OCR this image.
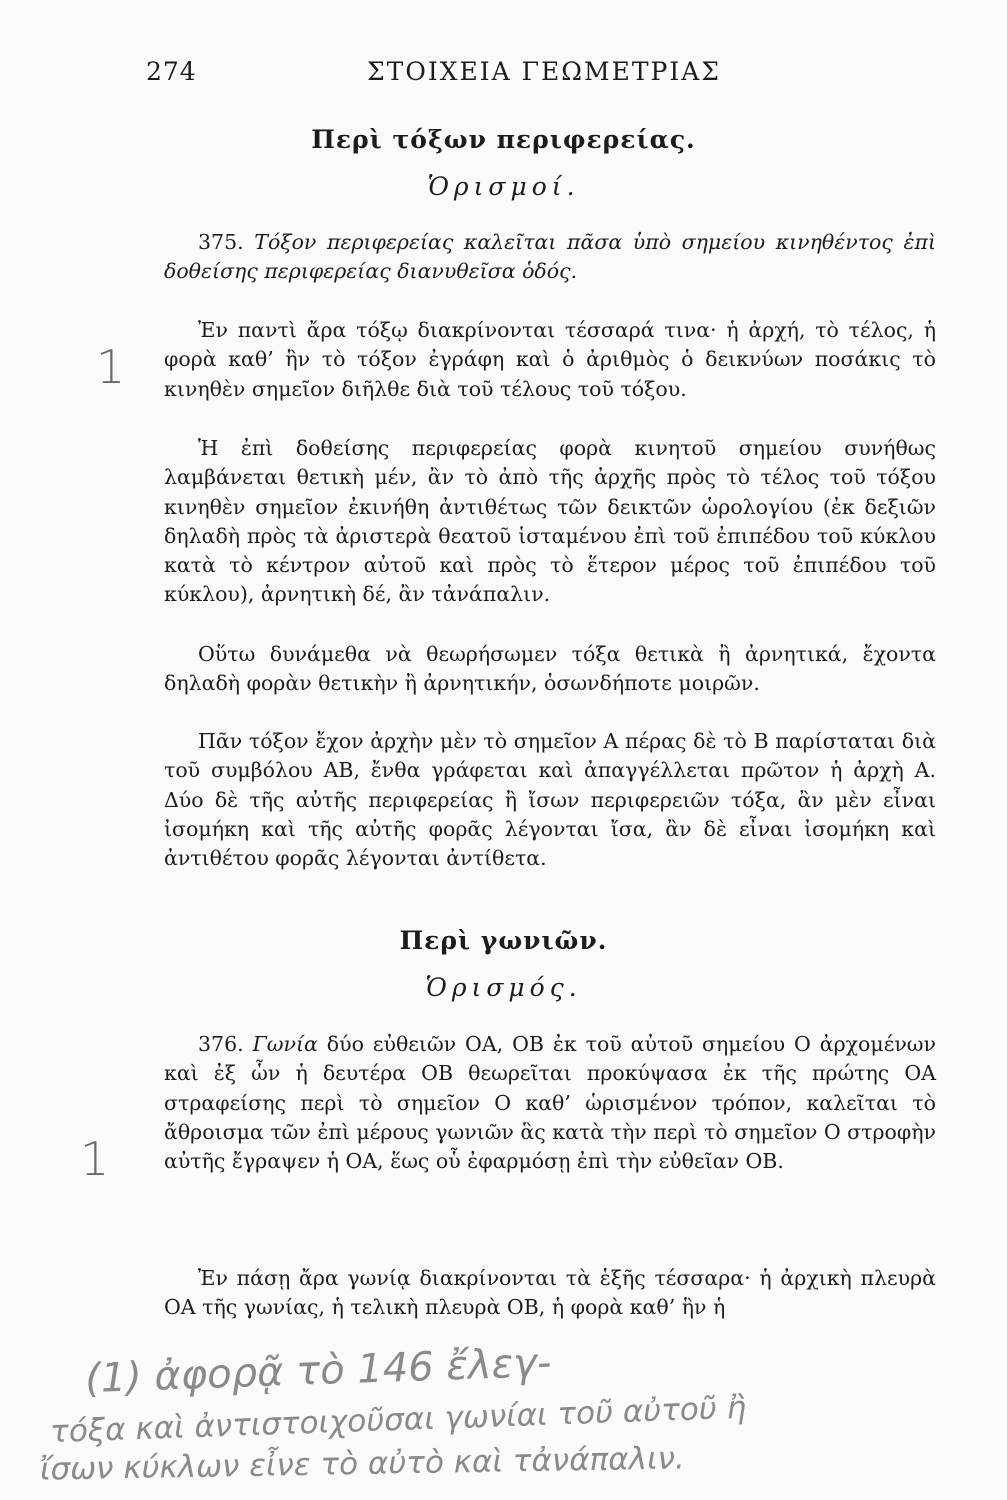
274	ΣΤΟΙΧΕΙΑ ΓΕΩΜΕΤΡΙΑΣ
Περὶ τόξων περιφερείας.
Ὁρισμοί.

375. Τόξον περιφερείας καλεῖται πᾶσα ὑπὸ σημείου κινηθέντος ἐπὶ δοθείσης περιφερείας διανυθεῖσα ὁδός.

Ἐν παντὶ ἄρα τόξῳ διακρίνονται τέσσαρά τινα· ἡ ἀρχή, τὸ τέλος, ἡ φορὰ καθ’ ἣν τὸ τόξον ἐγράφη καὶ ὁ ἀριθμὸς ὁ δεικνύων ποσάκις τὸ κινηθὲν σημεῖον διῆλθε διὰ τοῦ τέλους τοῦ τόξου.

Ἡ ἐπὶ δοθείσης περιφερείας φορὰ κινητοῦ σημείου συνήθως λαμβάνεται θετικὴ μέν, ἂν τὸ ἀπὸ τῆς ἀρχῆς πρὸς τὸ τέλος τοῦ τόξου κινηθὲν σημεῖον ἐκινήθη ἀντιθέτως τῶν δεικτῶν ὡρολογίου (ἐκ δεξιῶν δηλαδὴ πρὸς τὰ ἀριστερὰ θεατοῦ ἱσταμένου ἐπὶ τοῦ ἐπιπέδου τοῦ κύκλου κατὰ τὸ κέντρον αὐτοῦ καὶ πρὸς τὸ ἕτερον μέρος τοῦ ἐπιπέδου τοῦ κύκλου), ἀρνητικὴ δέ, ἂν τἀνάπαλιν.

Οὕτω δυνάμεθα νὰ θεωρήσωμεν τόξα θετικὰ ἢ ἀρνητικά, ἔχοντα δηλαδὴ φορὰν θετικὴν ἢ ἀρνητικήν, ὁσωνδήποτε μοιρῶν.

Πᾶν τόξον ἔχον ἀρχὴν μὲν τὸ σημεῖον Α πέρας δὲ τὸ Β παρίσταται διὰ τοῦ συμβόλου ΑΒ, ἔνθα γράφεται καὶ ἀπαγγέλλεται πρῶτον ἡ ἀρχὴ Α. Δύο δὲ τῆς αὐτῆς περιφερείας ἢ ἴσων περιφερειῶν τόξα, ἂν μὲν εἶναι ἰσομήκη καὶ τῆς αὐτῆς φορᾶς λέγονται ἴσα, ἂν δὲ εἶναι ἰσομήκη καὶ ἀντιθέτου φορᾶς λέγονται ἀντίθετα.

Περὶ γωνιῶν.
Ὁρισμός.

376. Γωνία δύο εὐθειῶν ΟΑ, ΟΒ ἐκ τοῦ αὐτοῦ σημείου Ο ἀρχομένων καὶ ἐξ ὧν ἡ δευτέρα ΟΒ θεωρεῖται προκύψασα ἐκ τῆς πρώτης ΟΑ στραφείσης περὶ τὸ σημεῖον Ο καθ’ ὡρισμένον τρόπον, καλεῖται τὸ ἄθροισμα τῶν ἐπὶ μέρους γωνιῶν ἃς κατὰ τὴν περὶ τὸ σημεῖον Ο στροφὴν αὐτῆς ἔγραψεν ἡ ΟΑ, ἕως οὗ ἐφαρμόσῃ ἐπὶ τὴν εὐθεῖαν ΟΒ.

Ἐν πάσῃ ἄρα γωνίᾳ διακρίνονται τὰ ἑξῆς τέσσαρα· ἡ ἀρχικὴ πλευρὰ ΟΑ τῆς γωνίας, ἡ τελικὴ πλευρὰ ΟΒ, ἡ φορὰ καθ’ ἣν ἡ

1
1
(1) ἀφορᾷ τὸ 146 ἔλεγ-
τόξα καὶ ἀντιστοιχοῦσαι γωνίαι τοῦ αὐτοῦ ἢ
ἴσων κύκλων εἶνε τὸ αὐτὸ καὶ τἀνάπαλιν.
